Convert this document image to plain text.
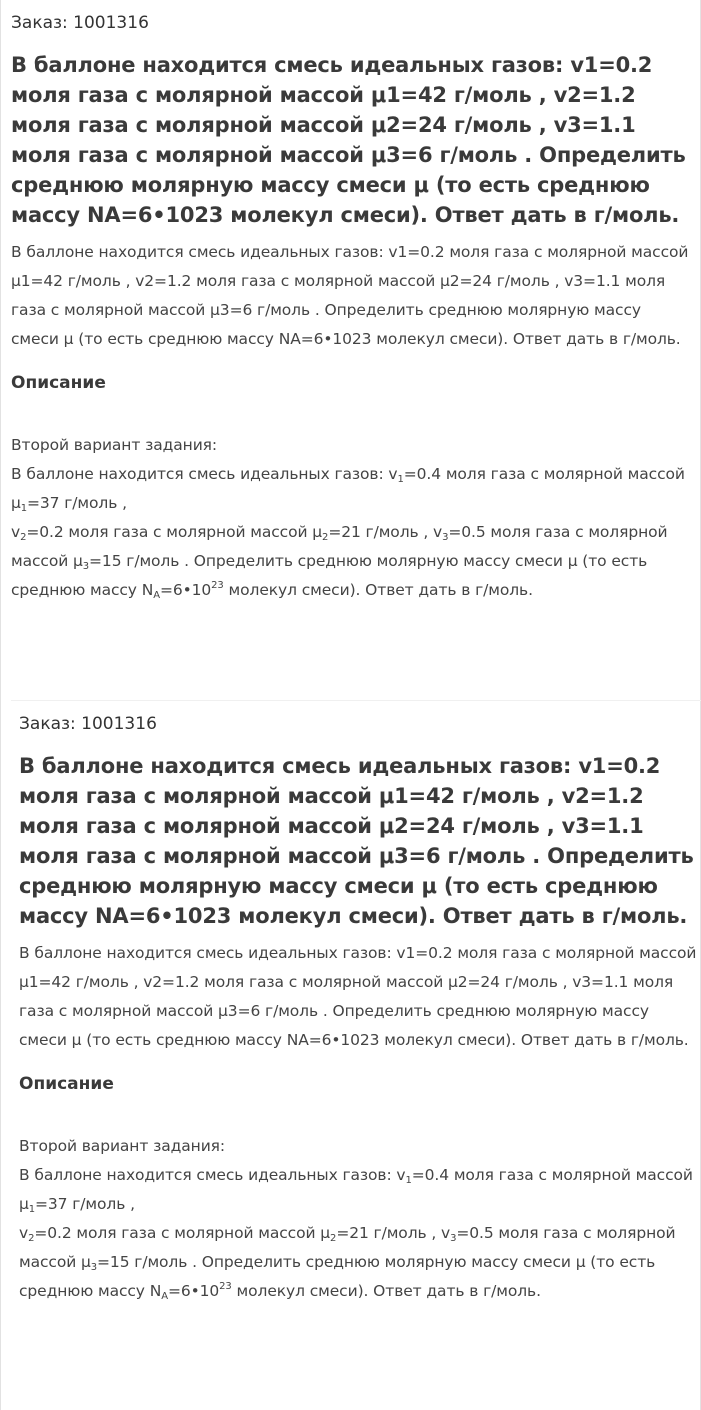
Заказ: 1001316
В баллоне находится смесь идеальных газов: v1=0.2 моля газа с молярной массой μ1=42 г/моль , v2=1.2 моля газа с молярной массой μ2=24 г/моль , v3=1.1 моля газа с молярной массой μ3=6 г/моль . Определить среднюю молярную массу смеси μ (то есть среднюю массу NA=6•1023 молекул смеси). Ответ дать в г/моль.
В баллоне находится смесь идеальных газов: v1=0.2 моля газа с молярной массой μ1=42 г/моль , v2=1.2 моля газа с молярной массой μ2=24 г/моль , v3=1.1 моля газа с молярной массой μ3=6 г/моль . Определить среднюю молярную массу смеси μ (то есть среднюю массу NA=6•1023 молекул смеси). Ответ дать в г/моль.
Описание
Второй вариант задания:
В баллоне находится смесь идеальных газов: $v_1=0.4$ моля газа с молярной массой $\mu_1=37$ г/моль ,
$v_2=0.2$ моля газа с молярной массой $\mu_2=21$ г/моль , $v_3=0.5$ моля газа с молярной массой $\mu_3=15$ г/моль . Определить среднюю молярную массу смеси μ (то есть среднюю массу $N_A=6•10^{23}$ молекул смеси). Ответ дать в г/моль.
Заказ: 1001316
В баллоне находится смесь идеальных газов: v1=0.2 моля газа с молярной массой μ1=42 г/моль , v2=1.2 моля газа с молярной массой μ2=24 г/моль , v3=1.1 моля газа с молярной массой μ3=6 г/моль . Определить среднюю молярную массу смеси μ (то есть среднюю массу NA=6•1023 молекул смеси). Ответ дать в г/моль.
В баллоне находится смесь идеальных газов: v1=0.2 моля газа с молярной массой μ1=42 г/моль , v2=1.2 моля газа с молярной массой μ2=24 г/моль , v3=1.1 моля газа с молярной массой μ3=6 г/моль . Определить среднюю молярную массу смеси μ (то есть среднюю массу NA=6•1023 молекул смеси). Ответ дать в г/моль.
Описание
Второй вариант задания:
В баллоне находится смесь идеальных газов: $v_1=0.4$ моля газа с молярной массой $\mu_1=37$ г/моль ,
$v_2=0.2$ моля газа с молярной массой $\mu_2=21$ г/моль , $v_3=0.5$ моля газа с молярной массой $\mu_3=15$ г/моль . Определить среднюю молярную массу смеси μ (то есть среднюю массу $N_A=6•10^{23}$ молекул смеси). Ответ дать в г/моль.
